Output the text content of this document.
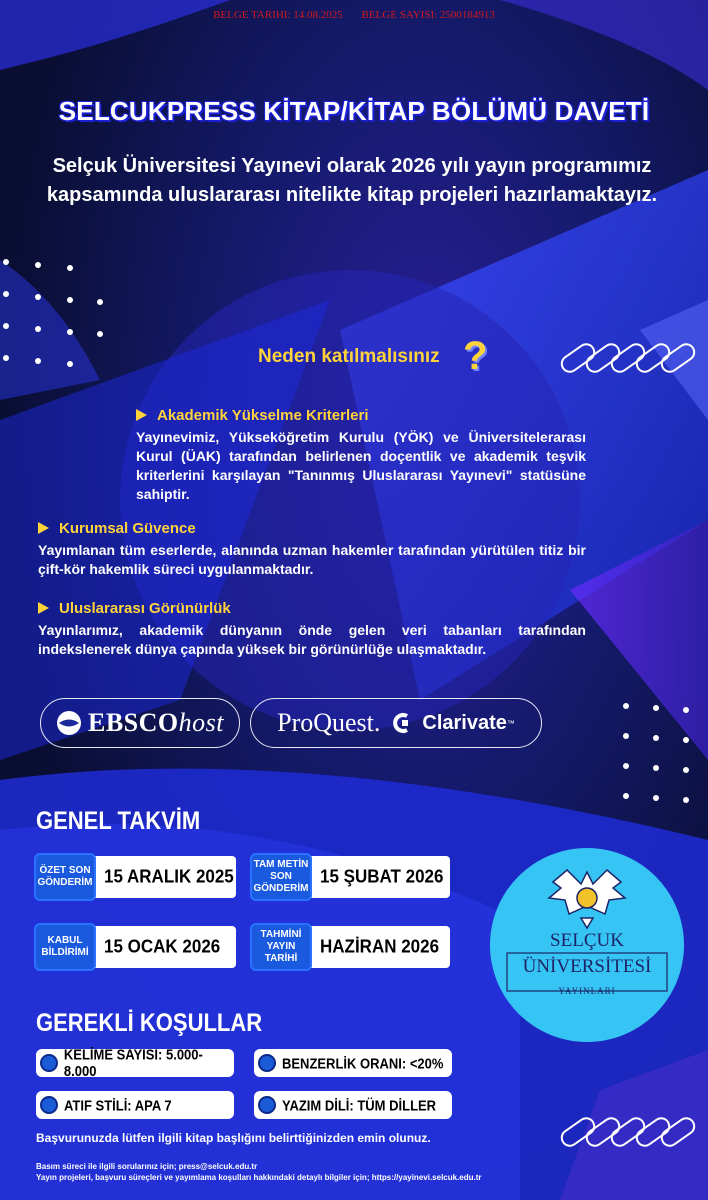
BELGE TARIHI: 14.08.2025 BELGE SAYISI: 2500184913
SELCUKPRESS KİTAP/KİTAP BÖLÜMÜ DAVETİ
Selçuk Üniversitesi Yayınevi olarak 2026 yılı yayın programımız kapsamında uluslararası nitelikte kitap projeleri hazırlamaktayız.
Neden katılmalısınız ?
Akademik Yükselme Kriterleri
Yayınevimiz, Yükseköğretim Kurulu (YÖK) ve Üniversitelerarası Kurul (ÜAK) tarafından belirlenen doçentlik ve akademik teşvik kriterlerini karşılayan "Tanınmış Uluslararası Yayınevi" statüsüne sahiptir.
Kurumsal Güvence
Yayımlanan tüm eserlerde, alanında uzman hakemler tarafından yürütülen titiz bir çift-kör hakemlik süreci uygulanmaktadır.
Uluslararası Görünürlük
Yayınlarımız, akademik dünyanın önde gelen veri tabanları tarafından indekslenerek dünya çapında yüksek bir görünürlüğe ulaşmaktadır.
EBSCOhost ProQuest. Clarivate ™
GENEL TAKVİM
ÖZET SON GÖNDERİM 15 ARALIK 2025
TAM METİN SON GÖNDERİM
15 ŞUBAT 2026
KABUL BİLDİRİMİ 15 OCAK 2026
TAHMİNİ YAYIN TARİHİ
HAZİRAN 2026
GEREKLİ KOŞULLAR
KELİME SAYISI: 5.000-8.000	BENZERLİK ORANI: <20%
ATIF STİLİ: APA 7	YAZIM DİLİ: TÜM DİLLER
Başvurunuzda lütfen ilgili kitap başlığını belirttiğinizden emin olunuz.
Basım süreci ile ilgili sorularınız için; press@selcuk.edu.tr
Yayın projeleri, başvuru süreçleri ve yayımlama koşulları hakkındaki detaylı bilgiler için; https://yayinevi.selcuk.edu.tr
SELÇUK
ÜNİVERSİTESİ
YAYINLARI
